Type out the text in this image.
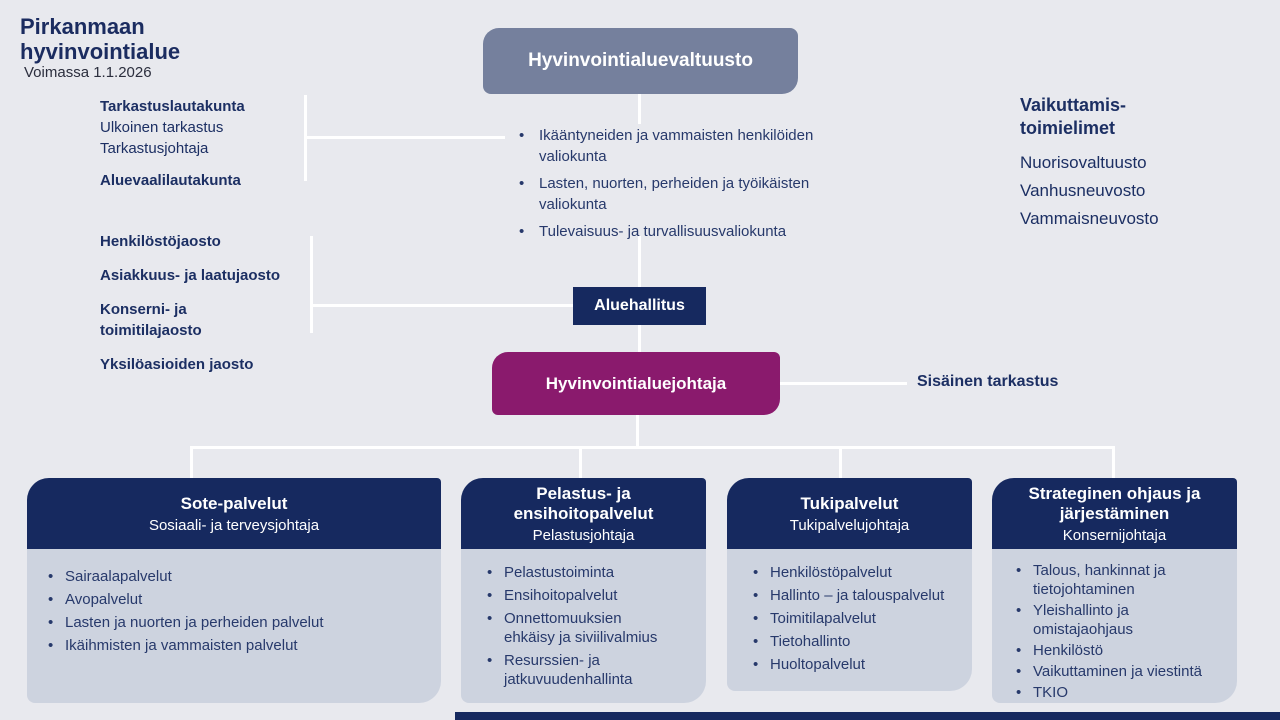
Pirkanmaan
hyvinvointialue
Voimassa 1.1.2026
Hyvinvointialuevaltuusto
Tarkastuslautakunta
Ulkoinen tarkastus
Tarkastusjohtaja
Aluevaalilautakunta
• Ikääntyneiden ja vammaisten henkilöiden valiokunta
• Lasten, nuorten, perheiden ja työikäisten valiokunta
• Tulevaisuus- ja turvallisuusvaliokunta
Vaikuttamis-
toimielimet
Nuorisovaltuusto
Vanhusneuvosto
Vammaisneuvosto
Henkilöstöjaosto
Asiakkuus- ja laatujaosto
Konserni- ja toimitilajaosto
Yksilöasioiden jaosto
Aluehallitus
Hyvinvointialuejohtaja	Sisäinen tarkastus
Sote-palvelut
Sosiaali- ja terveysjohtaja
• Sairaalapalvelut
• Avopalvelut
• Lasten ja nuorten ja perheiden palvelut
• Ikäihmisten ja vammaisten palvelut
Pelastus- ja ensihoitopalvelut
Pelastusjohtaja
• Pelastustoiminta
• Ensihoitopalvelut
• Onnettomuuksien ehkäisy ja siviilivalmius
• Resurssien- ja jatkuvuudenhallinta
Tukipalvelut
Tukipalvelujohtaja
• Henkilöstöpalvelut
• Hallinto – ja talouspalvelut
• Toimitilapalvelut
• Tietohallinto
• Huoltopalvelut
Strateginen ohjaus ja järjestäminen
Konsernijohtaja
• Talous, hankinnat ja tietojohtaminen
• Yleishallinto ja omistajaohjaus
• Henkilöstö
• Vaikuttaminen ja viestintä
• TKIO
